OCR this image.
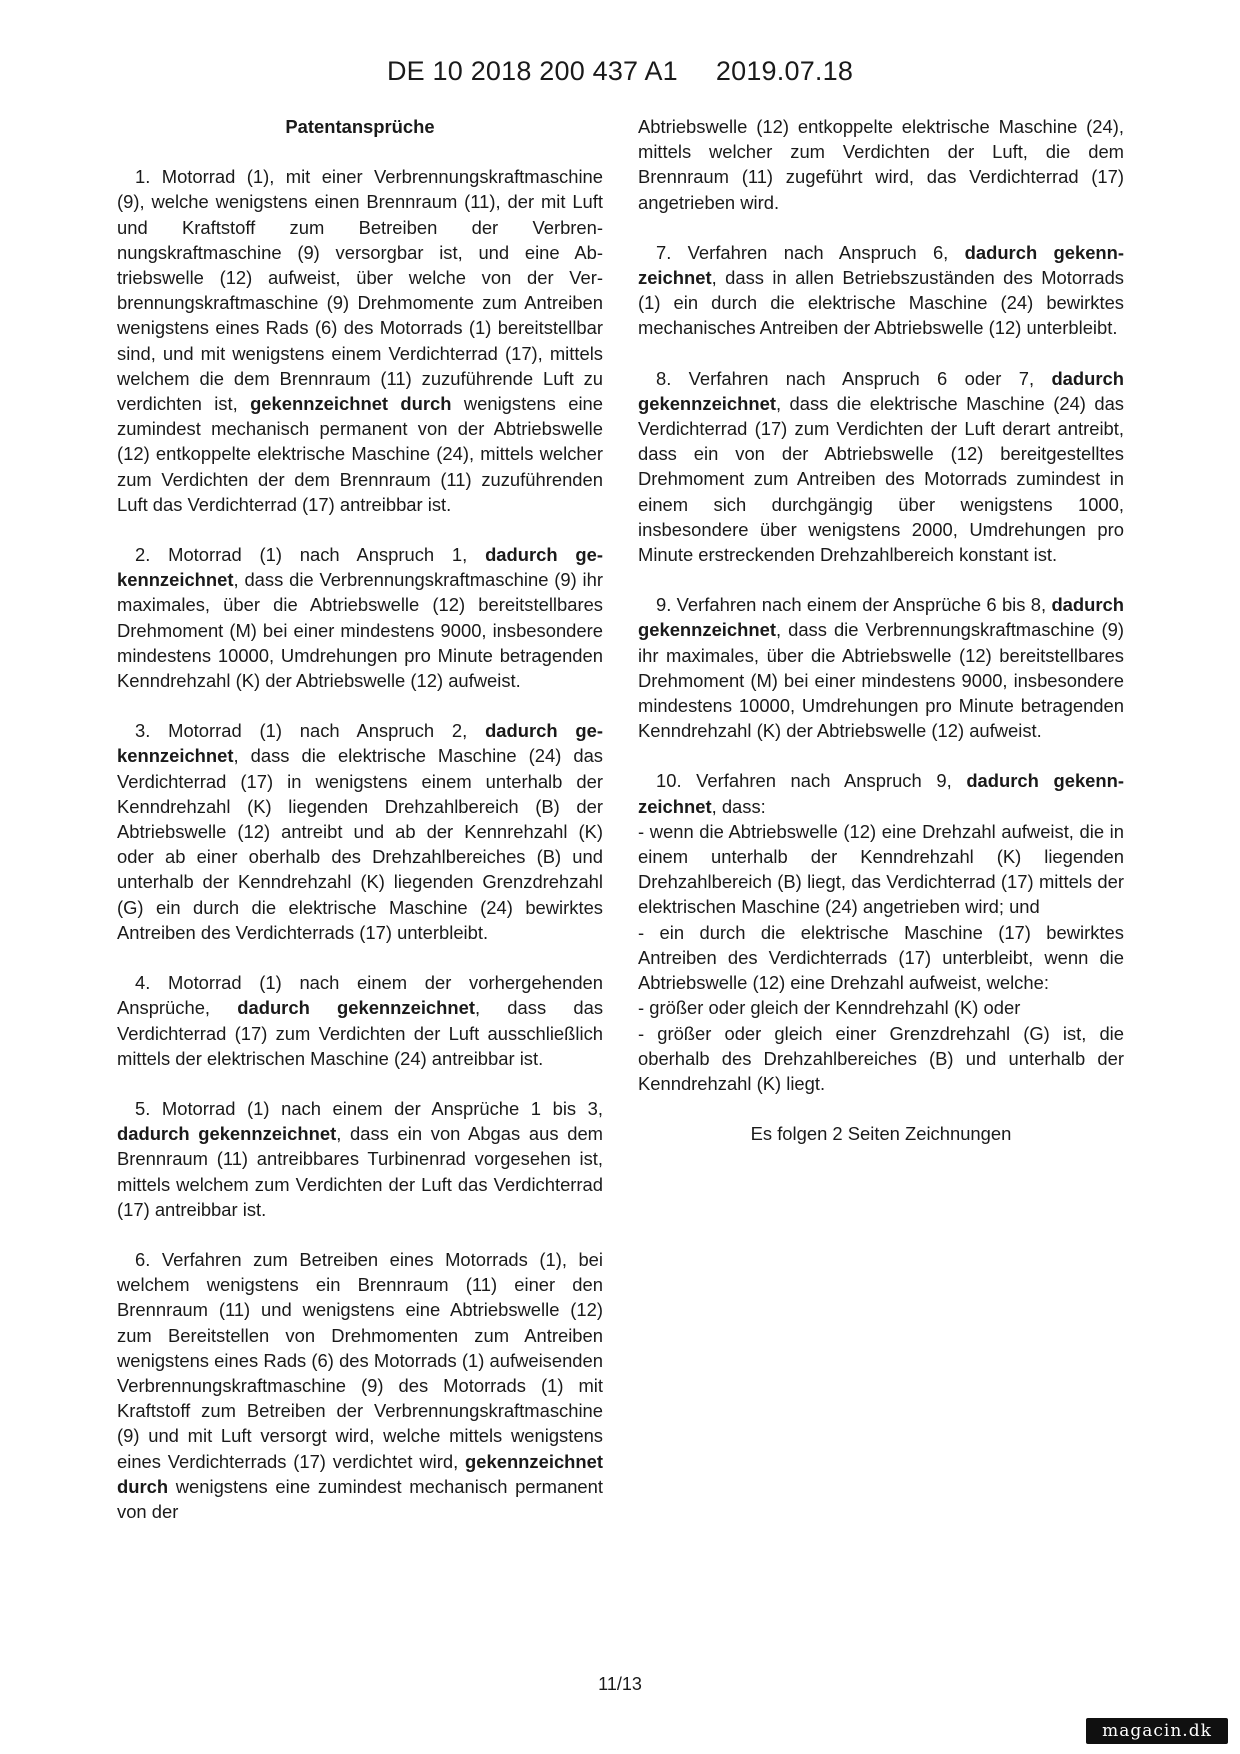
DE 10 2018 200 437 A1 2019.07.18

Patentansprüche

1. Motorrad (1), mit einer Verbrennungskraftmaschine (9), welche wenigstens einen Brennraum (11), der mit Luft und Kraftstoff zum Betreiben der Verbrennungskraftmaschine (9) versorgbar ist, und eine Abtriebswelle (12) aufweist, über welche von der Verbrennungskraftmaschine (9) Drehmomente zum Antreiben wenigstens eines Rads (6) des Motorrads (1) bereitstellbar sind, und mit wenigstens einem Verdichterrad (17), mittels welchem die dem Brennraum (11) zuzuführende Luft zu verdichten ist, gekennzeichnet durch wenigstens eine zumindest mechanisch permanent von der Abtriebswelle (12) entkoppelte elektrische Maschine (24), mittels welcher zum Verdichten der dem Brennraum (11) zuzuführenden Luft das Verdichterrad (17) antreibbar ist.

2. Motorrad (1) nach Anspruch 1, dadurch gekennzeichnet, dass die Verbrennungskraftmaschine (9) ihr maximales, über die Abtriebswelle (12) bereitstellbares Drehmoment (M) bei einer mindestens 9000, insbesondere mindestens 10000, Umdrehungen pro Minute betragenden Kenndrehzahl (K) der Abtriebswelle (12) aufweist.

3. Motorrad (1) nach Anspruch 2, dadurch gekennzeichnet, dass die elektrische Maschine (24) das Verdichterrad (17) in wenigstens einem unterhalb der Kenndrehzahl (K) liegenden Drehzahlbereich (B) der Abtriebswelle (12) antreibt und ab der Kennrehzahl (K) oder ab einer oberhalb des Drehzahlbereiches (B) und unterhalb der Kenndrehzahl (K) liegenden Grenzdrehzahl (G) ein durch die elektrische Maschine (24) bewirktes Antreiben des Verdichterrads (17) unterbleibt.

4. Motorrad (1) nach einem der vorhergehenden Ansprüche, dadurch gekennzeichnet, dass das Verdichterrad (17) zum Verdichten der Luft ausschließlich mittels der elektrischen Maschine (24) antreibbar ist.

5. Motorrad (1) nach einem der Ansprüche 1 bis 3, dadurch gekennzeichnet, dass ein von Abgas aus dem Brennraum (11) antreibbares Turbinenrad vorgesehen ist, mittels welchem zum Verdichten der Luft das Verdichterrad (17) antreibbar ist.

6. Verfahren zum Betreiben eines Motorrads (1), bei welchem wenigstens ein Brennraum (11) einer den Brennraum (11) und wenigstens eine Abtriebswelle (12) zum Bereitstellen von Drehmomenten zum Antreiben wenigstens eines Rads (6) des Motorrads (1) aufweisenden Verbrennungskraftmaschine (9) des Motorrads (1) mit Kraftstoff zum Betreiben der Verbrennungskraftmaschine (9) und mit Luft versorgt wird, welche mittels wenigstens eines Verdichterrads (17) verdichtet wird, gekennzeichnet durch wenigstens eine zumindest mechanisch permanent von der

Abtriebswelle (12) entkoppelte elektrische Maschine (24), mittels welcher zum Verdichten der Luft, die dem Brennraum (11) zugeführt wird, das Verdichterrad (17) angetrieben wird.

7. Verfahren nach Anspruch 6, dadurch gekennzeichnet, dass in allen Betriebszuständen des Motorrads (1) ein durch die elektrische Maschine (24) bewirktes mechanisches Antreiben der Abtriebswelle (12) unterbleibt.

8. Verfahren nach Anspruch 6 oder 7, dadurch gekennzeichnet, dass die elektrische Maschine (24) das Verdichterrad (17) zum Verdichten der Luft derart antreibt, dass ein von der Abtriebswelle (12) bereitgestelltes Drehmoment zum Antreiben des Motorrads zumindest in einem sich durchgängig über wenigstens 1000, insbesondere über wenigstens 2000, Umdrehungen pro Minute erstreckenden Drehzahlbereich konstant ist.

9. Verfahren nach einem der Ansprüche 6 bis 8, dadurch gekennzeichnet, dass die Verbrennungskraftmaschine (9) ihr maximales, über die Abtriebswelle (12) bereitstellbares Drehmoment (M) bei einer mindestens 9000, insbesondere mindestens 10000, Umdrehungen pro Minute betragenden Kenndrehzahl (K) der Abtriebswelle (12) aufweist.

10. Verfahren nach Anspruch 9, dadurch gekennzeichnet, dass:
- wenn die Abtriebswelle (12) eine Drehzahl aufweist, die in einem unterhalb der Kenndrehzahl (K) liegenden Drehzahlbereich (B) liegt, das Verdichterrad (17) mittels der elektrischen Maschine (24) angetrieben wird; und
- ein durch die elektrische Maschine (17) bewirktes Antreiben des Verdichterrads (17) unterbleibt, wenn die Abtriebswelle (12) eine Drehzahl aufweist, welche:
- größer oder gleich der Kenndrehzahl (K) oder
- größer oder gleich einer Grenzdrehzahl (G) ist, die oberhalb des Drehzahlbereiches (B) und unterhalb der Kenndrehzahl (K) liegt.

Es folgen 2 Seiten Zeichnungen

11/13
magacin.dk
